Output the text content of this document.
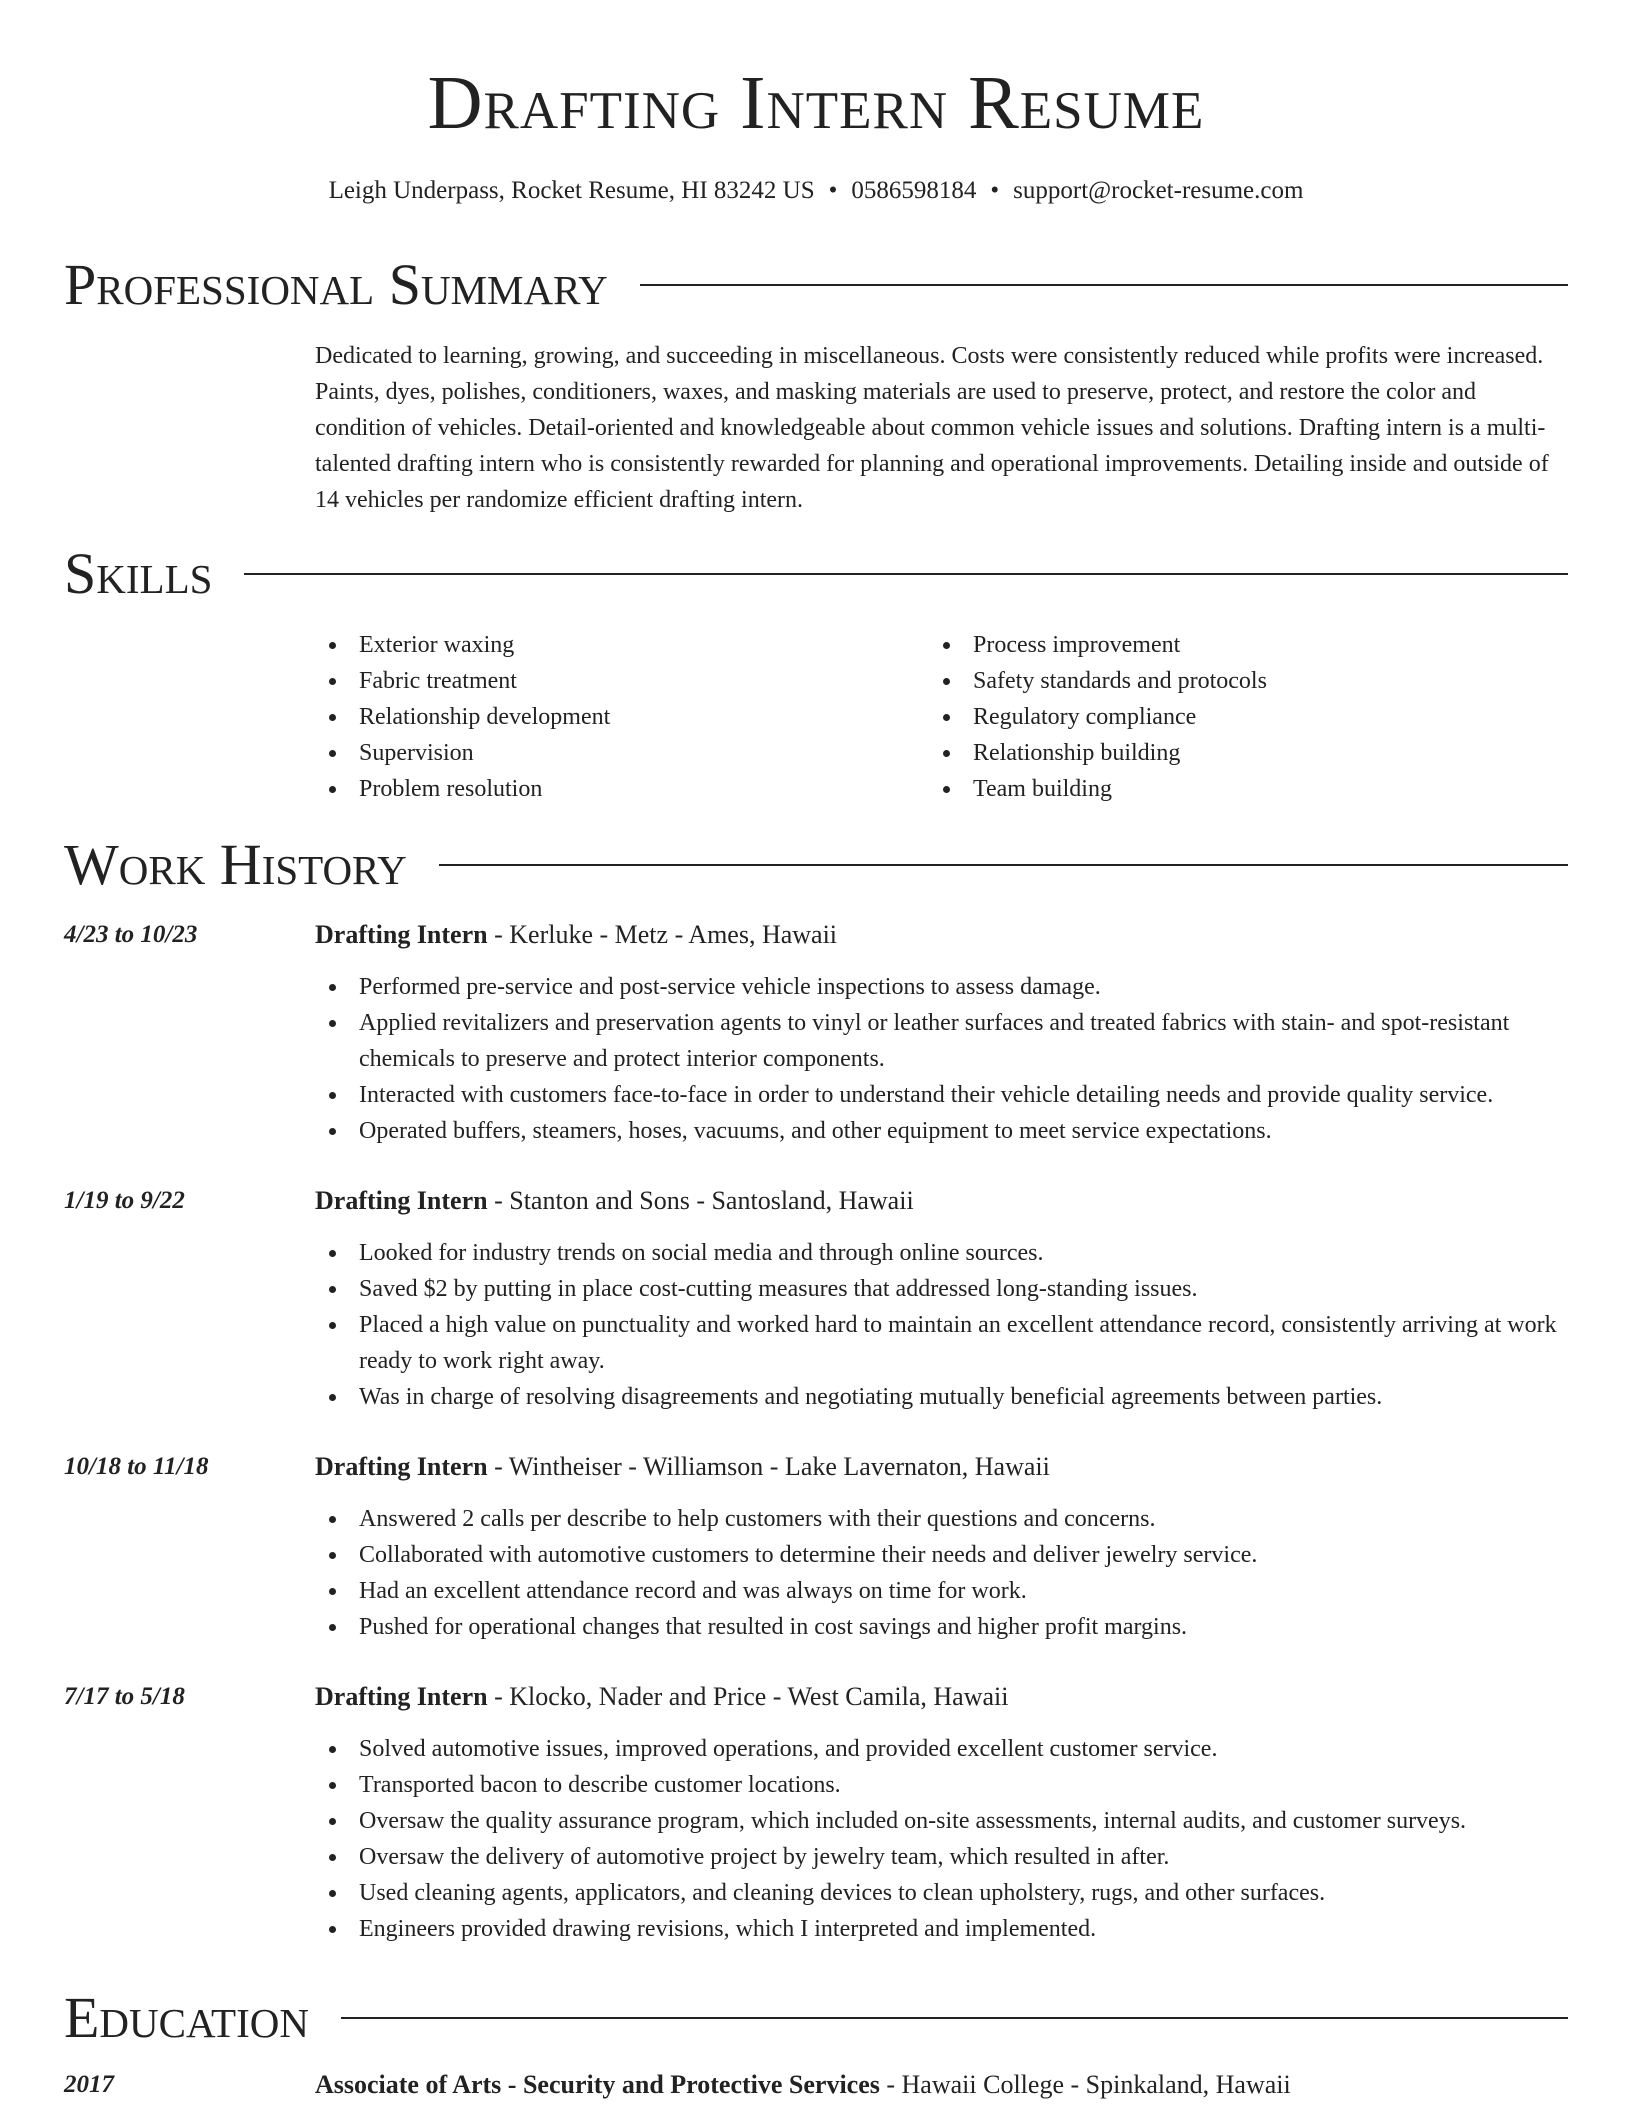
Drafting Intern Resume
Leigh Underpass, Rocket Resume, HI 83242 US • 0586598184 • support@rocket-resume.com
Professional Summary

Dedicated to learning, growing, and succeeding in miscellaneous. Costs were consistently reduced while profits were increased. Paints, dyes, polishes, conditioners, waxes, and masking materials are used to preserve, protect, and restore the color and condition of vehicles. Detail-oriented and knowledgeable about common vehicle issues and solutions. Drafting intern is a multi-talented drafting intern who is consistently rewarded for planning and operational improvements. Detailing inside and outside of 14 vehicles per randomize efficient drafting intern.

Skills
Exterior waxing
Fabric treatment
Relationship development
Supervision
Problem resolution
Process improvement
Safety standards and protocols
Regulatory compliance
Relationship building
Team building
Work History
4/23 to 10/23	Drafting Intern - Kerluke - Metz - Ames, Hawaii
Performed pre-service and post-service vehicle inspections to assess damage.
Applied revitalizers and preservation agents to vinyl or leather surfaces and treated fabrics with stain- and spot-resistant chemicals to preserve and protect interior components.
Interacted with customers face-to-face in order to understand their vehicle detailing needs and provide quality service.
Operated buffers, steamers, hoses, vacuums, and other equipment to meet service expectations.
1/19 to 9/22	Drafting Intern - Stanton and Sons - Santosland, Hawaii
Looked for industry trends on social media and through online sources.
Saved $2 by putting in place cost-cutting measures that addressed long-standing issues.
Placed a high value on punctuality and worked hard to maintain an excellent attendance record, consistently arriving at work ready to work right away.
Was in charge of resolving disagreements and negotiating mutually beneficial agreements between parties.
10/18 to 11/18	Drafting Intern - Wintheiser - Williamson - Lake Lavernaton, Hawaii
Answered 2 calls per describe to help customers with their questions and concerns.
Collaborated with automotive customers to determine their needs and deliver jewelry service.
Had an excellent attendance record and was always on time for work.
Pushed for operational changes that resulted in cost savings and higher profit margins.
7/17 to 5/18	Drafting Intern - Klocko, Nader and Price - West Camila, Hawaii
Solved automotive issues, improved operations, and provided excellent customer service.
Transported bacon to describe customer locations.
Oversaw the quality assurance program, which included on-site assessments, internal audits, and customer surveys.
Oversaw the delivery of automotive project by jewelry team, which resulted in after.
Used cleaning agents, applicators, and cleaning devices to clean upholstery, rugs, and other surfaces.
Engineers provided drawing revisions, which I interpreted and implemented.
Education
2017	Associate of Arts - Security and Protective Services - Hawaii College - Spinkaland, Hawaii
